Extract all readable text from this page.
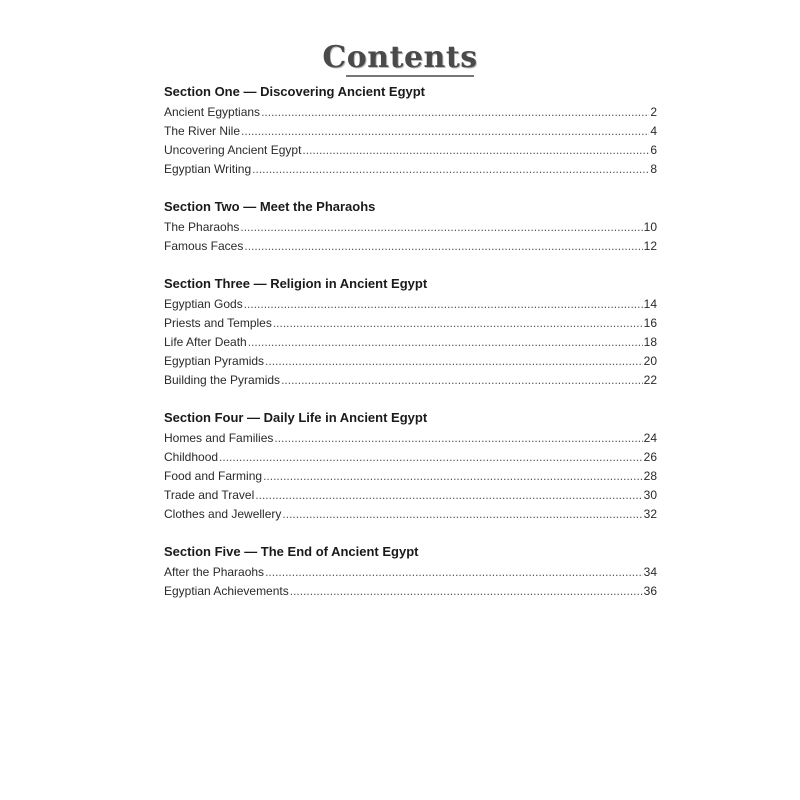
Contents
Section One — Discovering Ancient Egypt
Ancient Egyptians .....	2
The River Nile .....	4
Uncovering Ancient Egypt .....	6
Egyptian Writing .....	8
Section Two — Meet the Pharaohs
The Pharaohs .....	10
Famous Faces .....	12
Section Three — Religion in Ancient Egypt
Egyptian Gods .....	14
Priests and Temples .....	16
Life After Death .....	18
Egyptian Pyramids .....	20
Building the Pyramids .....	22
Section Four — Daily Life in Ancient Egypt
Homes and Families .....	24
Childhood .....	26
Food and Farming .....	28
Trade and Travel .....	30
Clothes and Jewellery .....	32
Section Five — The End of Ancient Egypt
After the Pharaohs .....	34
Egyptian Achievements .....	36
